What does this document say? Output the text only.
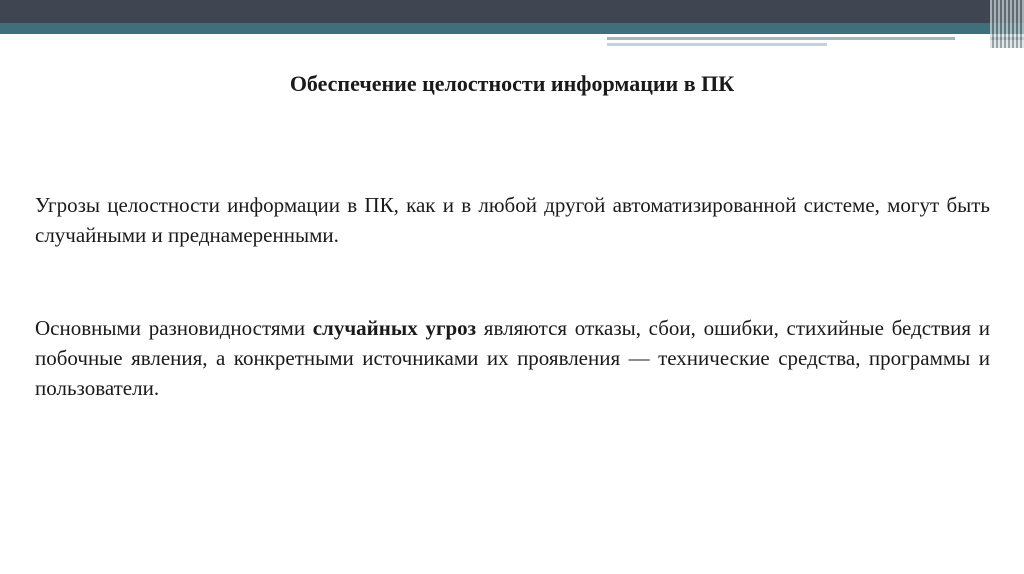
Обеспечение целостности информации в ПК
Угрозы целостности информации в ПК, как и в любой другой автоматизированной системе, могут быть случайными и преднамеренными.
Основными разновидностями случайных угроз являются отказы, сбои, ошибки, стихийные бедствия и побочные явления, а конкретными источниками их проявления — технические средства, программы и пользователи.
